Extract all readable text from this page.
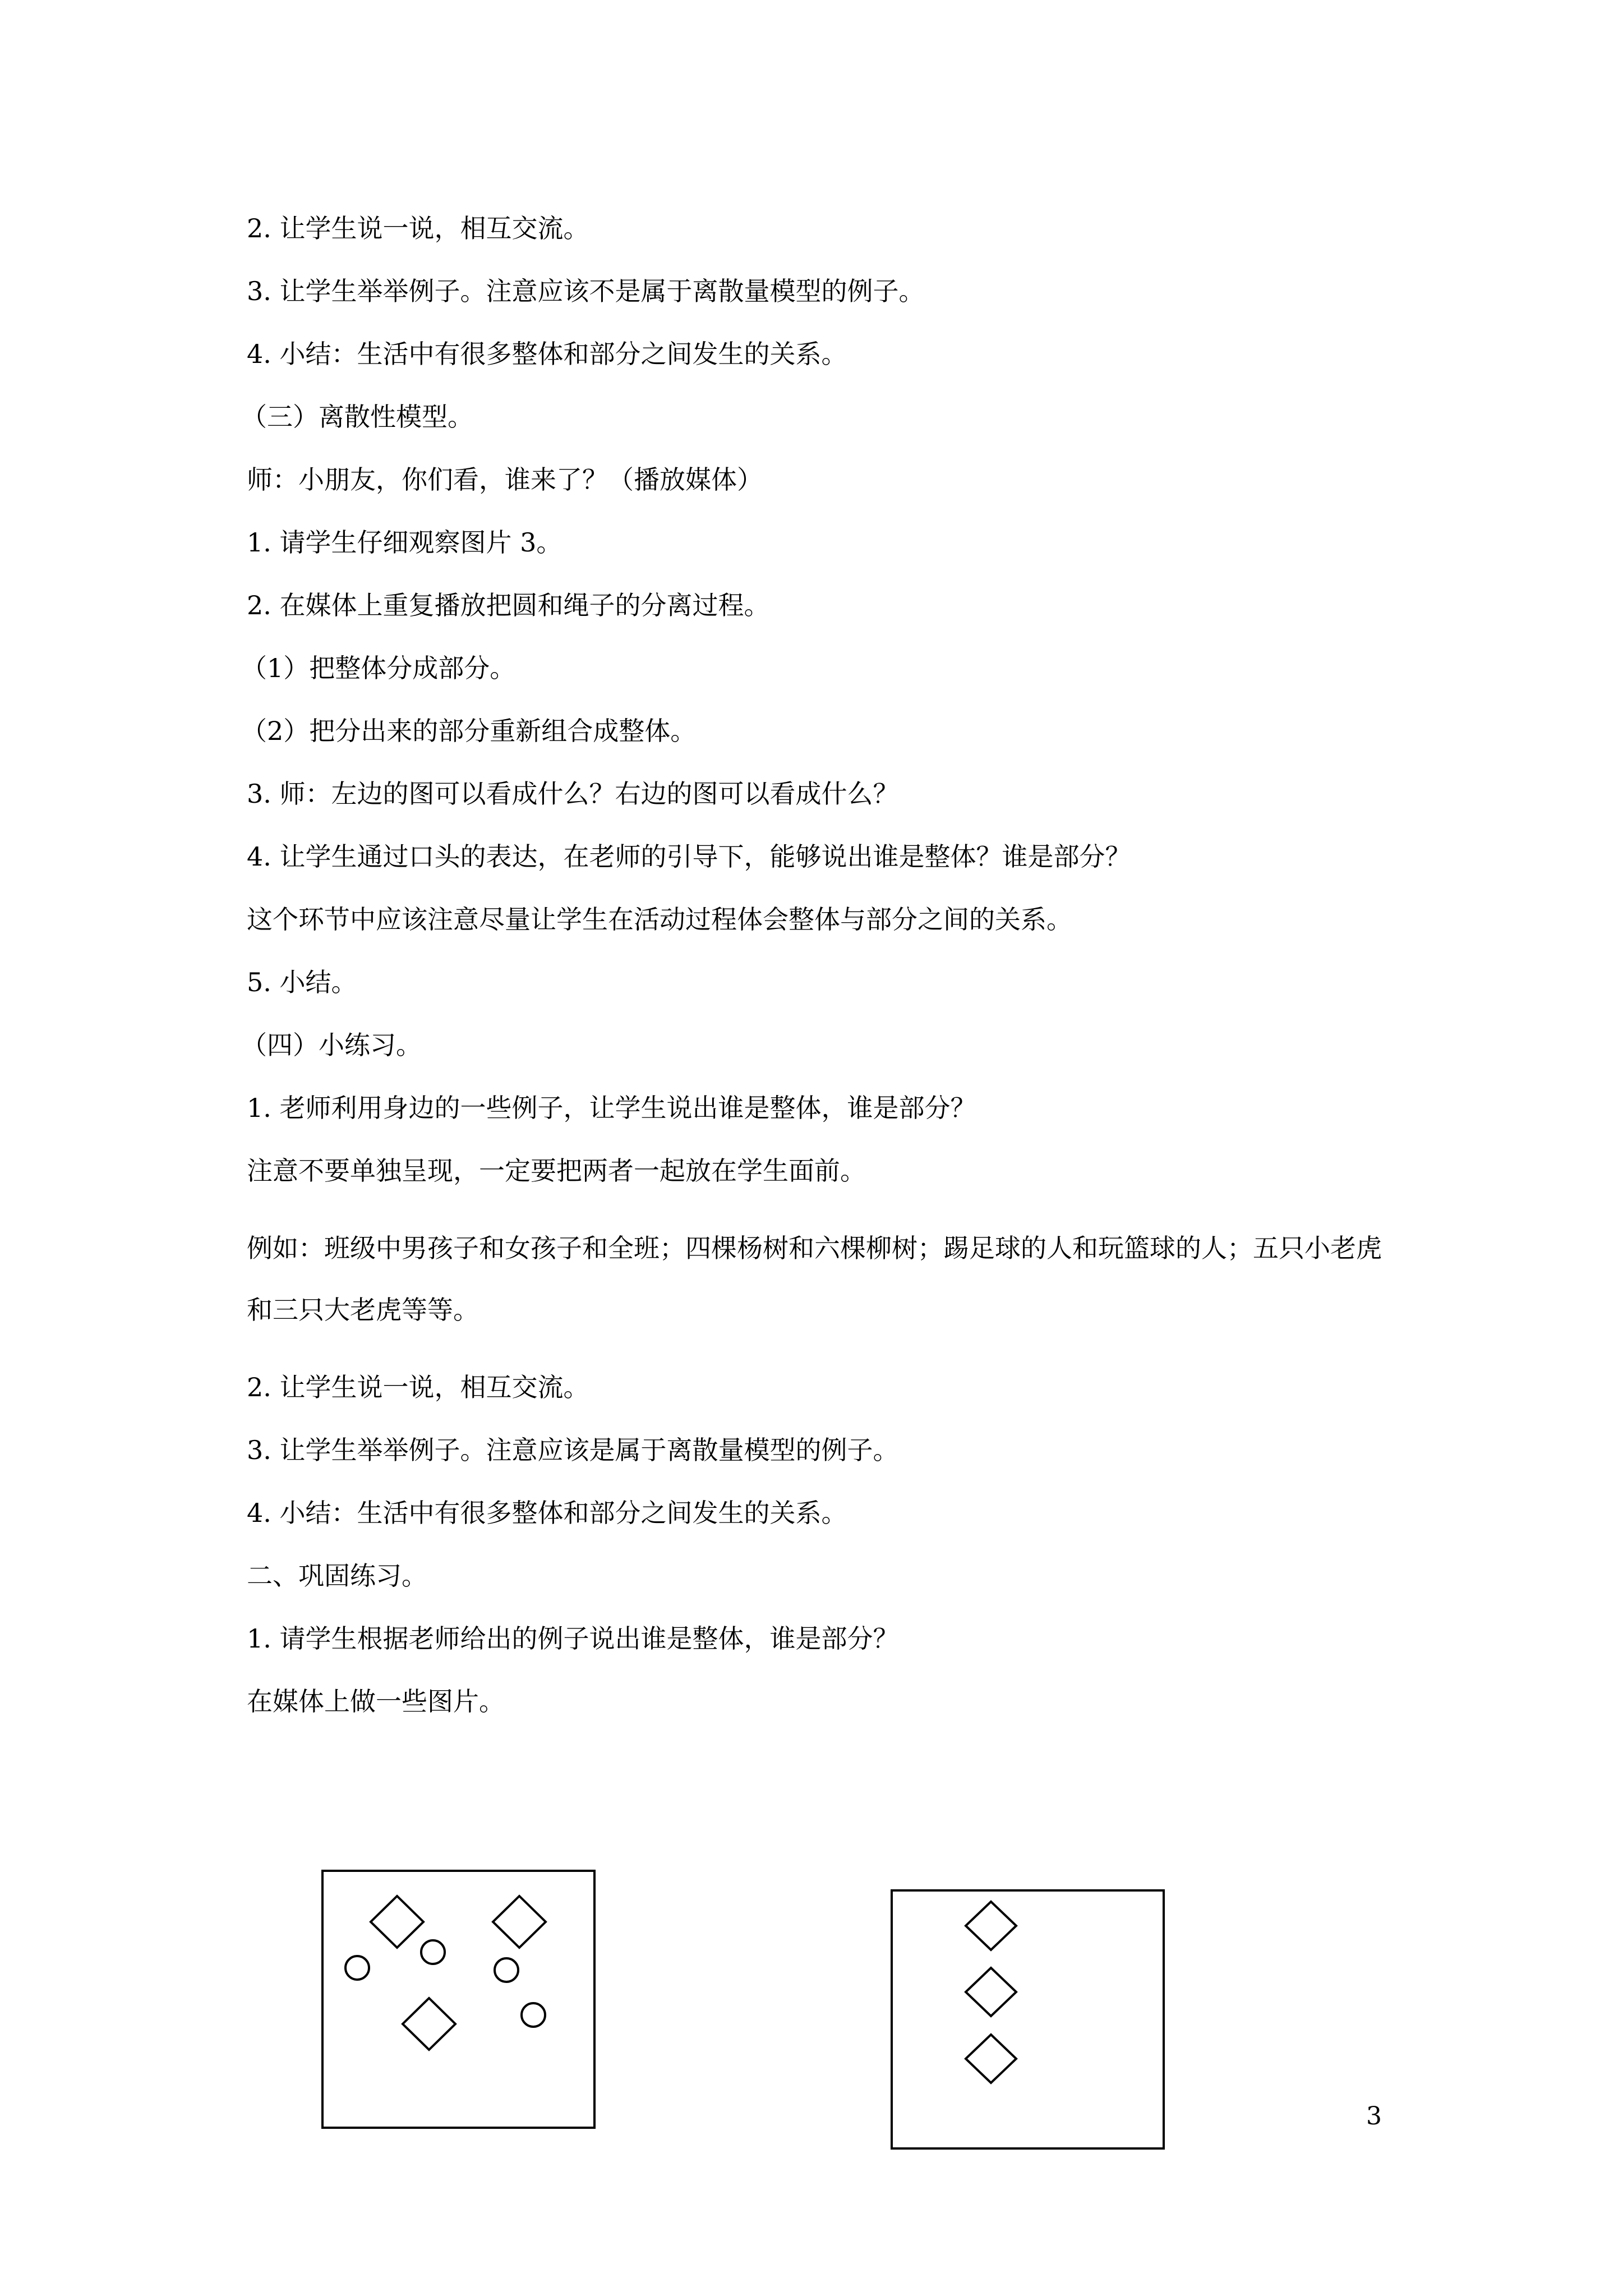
2. 让学生说一说，相互交流。

3. 让学生举举例子。注意应该不是属于离散量模型的例子。

4. 小结：生活中有很多整体和部分之间发生的关系。

（三）离散性模型。

师：小朋友，你们看，谁来了？（播放媒体）

1. 请学生仔细观察图片 3。

2. 在媒体上重复播放把圆和绳子的分离过程。

（1）把整体分成部分。

（2）把分出来的部分重新组合成整体。

3. 师：左边的图可以看成什么？右边的图可以看成什么？

4. 让学生通过口头的表达，在老师的引导下，能够说出谁是整体？谁是部分？

这个环节中应该注意尽量让学生在活动过程体会整体与部分之间的关系。

5. 小结。

（四）小练习。

1. 老师利用身边的一些例子，让学生说出谁是整体，谁是部分？

注意不要单独呈现，一定要把两者一起放在学生面前。

例如：班级中男孩子和女孩子和全班；四棵杨树和六棵柳树；踢足球的人和玩篮球的人；五只小老虎和三只大老虎等等。

2. 让学生说一说，相互交流。

3. 让学生举举例子。注意应该是属于离散量模型的例子。

4. 小结：生活中有很多整体和部分之间发生的关系。

二、巩固练习。

1. 请学生根据老师给出的例子说出谁是整体，谁是部分？

在媒体上做一些图片。

3
